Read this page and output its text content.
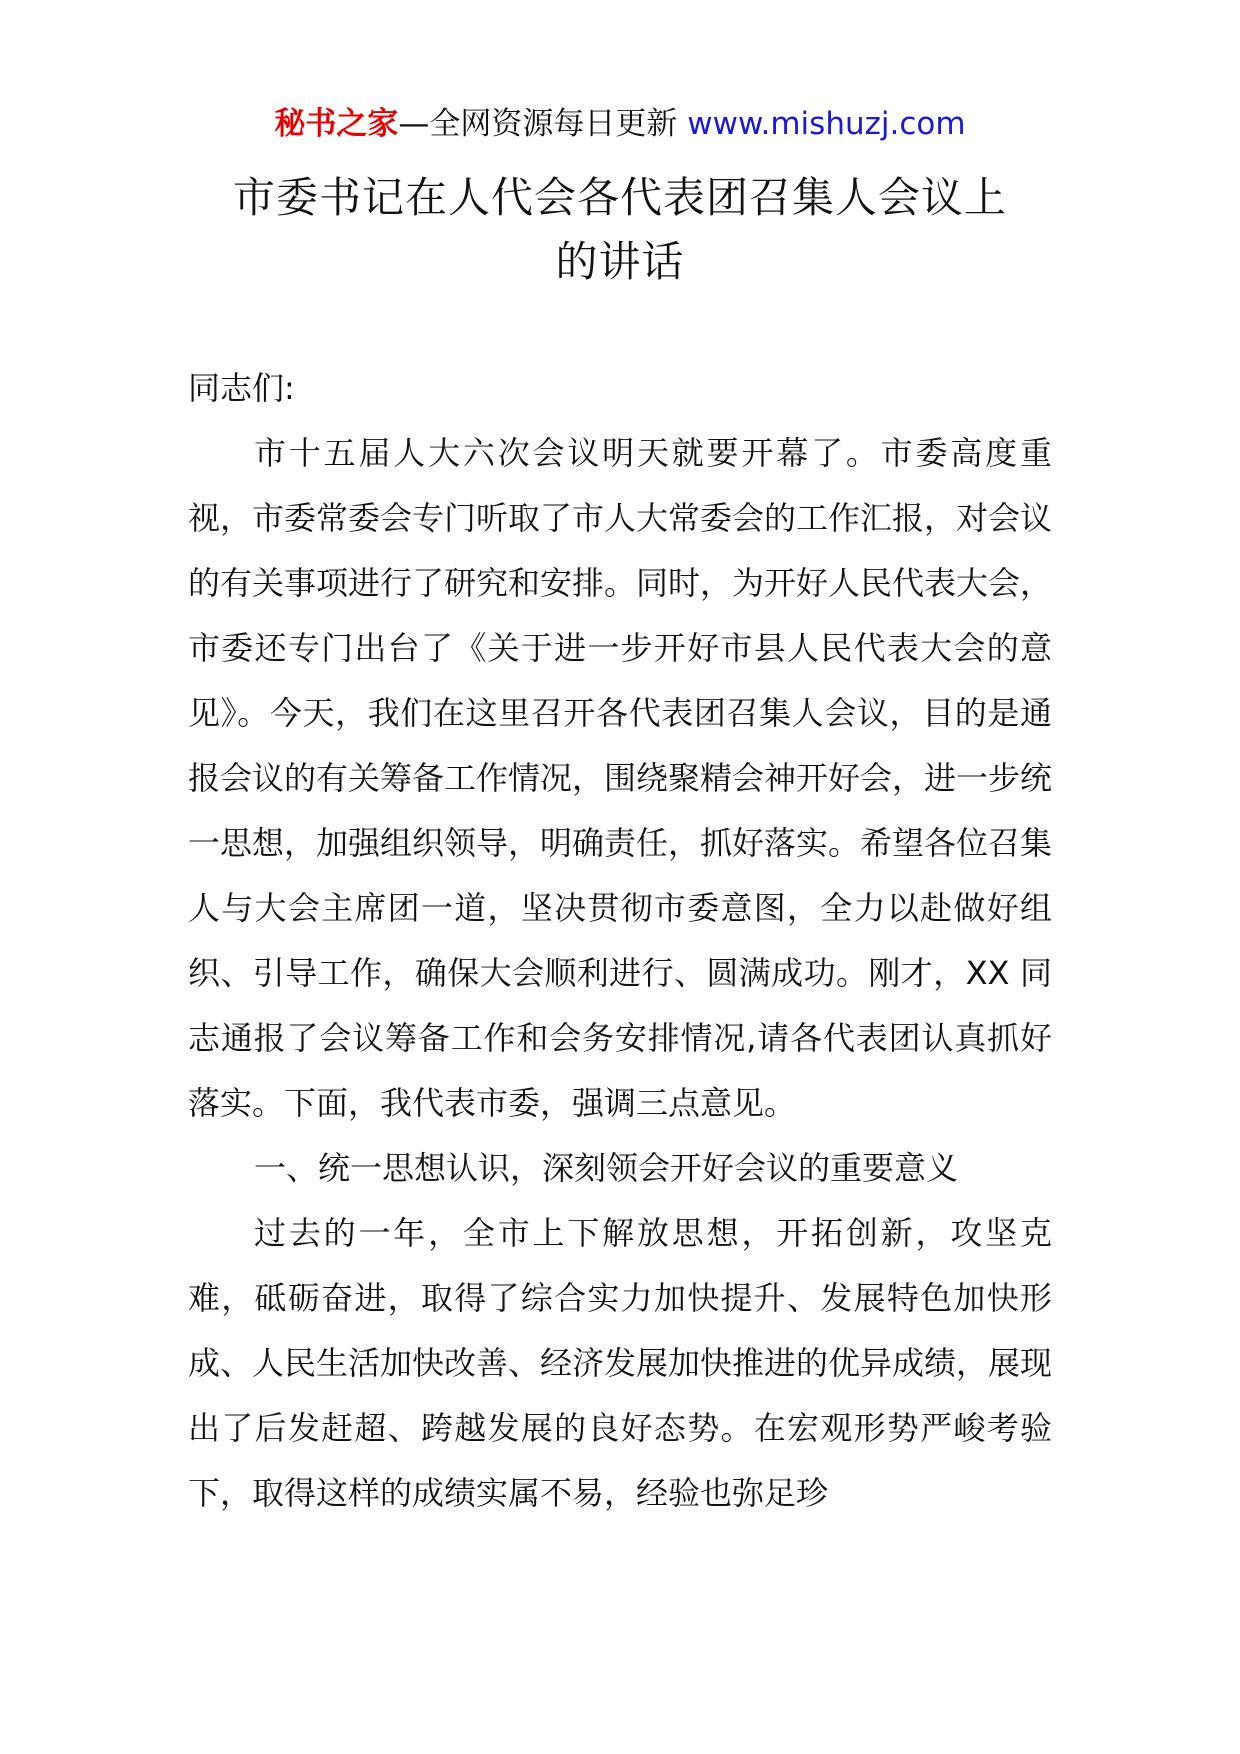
秘书之家—全网资源每日更新 www.mishuzj.com
市委书记在人代会各代表团召集人会议上
的讲话

同志们:

市十五届人大六次会议明天就要开幕了。市委高度重视，市委常委会专门听取了市人大常委会的工作汇报，对会议的有关事项进行了研究和安排。同时，为开好人民代表大会，市委还专门出台了《关于进一步开好市县人民代表大会的意见》。今天，我们在这里召开各代表团召集人会议，目的是通报会议的有关筹备工作情况，围绕聚精会神开好会，进一步统一思想，加强组织领导，明确责任，抓好落实。希望各位召集人与大会主席团一道，坚决贯彻市委意图，全力以赴做好组织、引导工作，确保大会顺利进行、圆满成功。刚才，XX 同志通报了会议筹备工作和会务安排情况,请各代表团认真抓好落实。下面，我代表市委，强调三点意见。

一、统一思想认识，深刻领会开好会议的重要意义

过去的一年，全市上下解放思想，开拓创新，攻坚克难，砥砺奋进，取得了综合实力加快提升、发展特色加快形成、人民生活加快改善、经济发展加快推进的优异成绩，展现出了后发赶超、跨越发展的良好态势。在宏观形势严峻考验下，取得这样的成绩实属不易，经验也弥足珍
